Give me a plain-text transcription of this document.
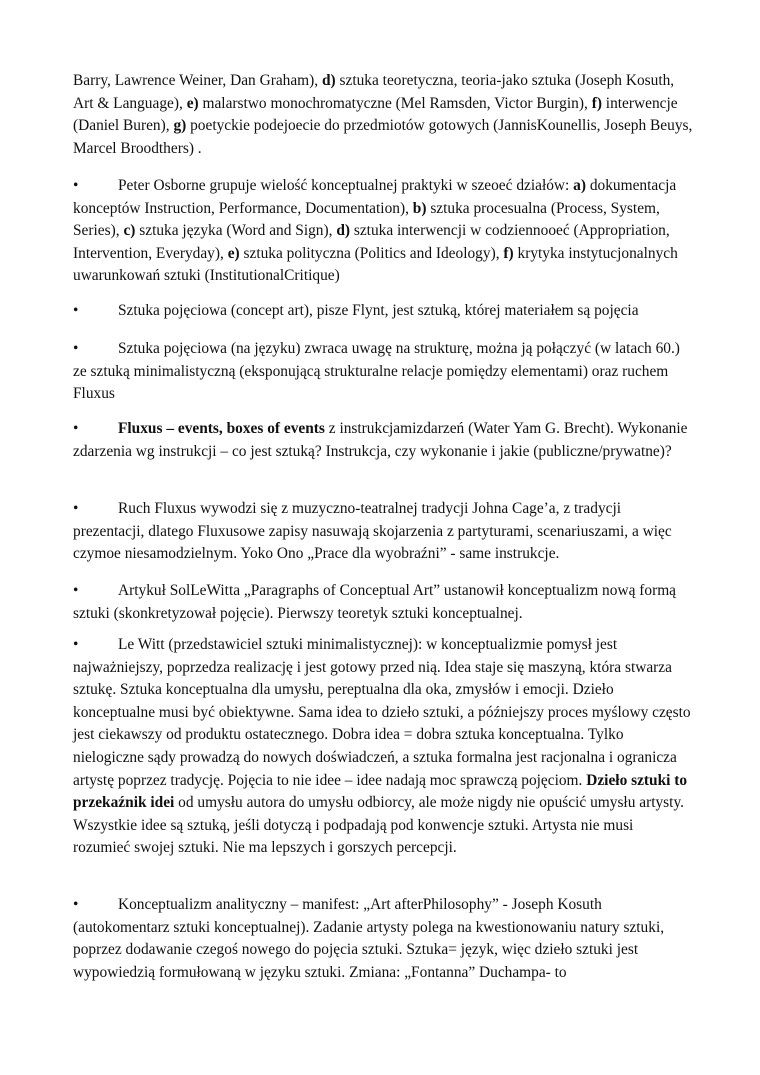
Barry, Lawrence Weiner, Dan Graham), d) sztuka teoretyczna, teoria-jako sztuka (Joseph Kosuth, Art & Language), e) malarstwo monochromatyczne (Mel Ramsden, Victor Burgin), f) interwencje (Daniel Buren), g) poetyckie podejoecie do przedmiotów gotowych (JannisKounellis, Joseph Beuys, Marcel Broodthers) .

•	Peter Osborne grupuje wielość konceptualnej praktyki w szeoeć działów: a) dokumentacja konceptów Instruction, Performance, Documentation), b) sztuka procesualna (Process, System, Series), c) sztuka języka (Word and Sign), d) sztuka interwencji w codziennooeć (Appropriation, Intervention, Everyday), e) sztuka polityczna (Politics and Ideology), f) krytyka instytucjonalnych uwarunkowań sztuki (InstitutionalCritique)

•	Sztuka pojęciowa (concept art), pisze Flynt, jest sztuką, której materiałem są pojęcia

•	Sztuka pojęciowa (na języku) zwraca uwagę na strukturę, można ją połączyć (w latach 60.) ze sztuką minimalistyczną (eksponującą strukturalne relacje pomiędzy elementami) oraz ruchem Fluxus

•	Fluxus – events, boxes of events z instrukcjamizdarzeń (Water Yam G. Brecht). Wykonanie zdarzenia wg instrukcji – co jest sztuką? Instrukcja, czy wykonanie i jakie (publiczne/prywatne)?

•	Ruch Fluxus wywodzi się z muzyczno-teatralnej tradycji Johna Cage’a, z tradycji prezentacji, dlatego Fluxusowe zapisy nasuwają skojarzenia z partyturami, scenariuszami, a więc czymoe niesamodzielnym. Yoko Ono „Prace dla wyobraźni” - same instrukcje.

•	Artykuł SolLeWitta „Paragraphs of Conceptual Art” ustanowił konceptualizm nową formą sztuki (skonkretyzował pojęcie). Pierwszy teoretyk sztuki konceptualnej.

•	Le Witt (przedstawiciel sztuki minimalistycznej): w konceptualizmie pomysł jest najważniejszy, poprzedza realizację i jest gotowy przed nią. Idea staje się maszyną, która stwarza sztukę. Sztuka konceptualna dla umysłu, pereptualna dla oka, zmysłów i emocji. Dzieło konceptualne musi być obiektywne. Sama idea to dzieło sztuki, a późniejszy proces myślowy często jest ciekawszy od produktu ostatecznego. Dobra idea = dobra sztuka konceptualna. Tylko nielogiczne sądy prowadzą do nowych doświadczeń, a sztuka formalna jest racjonalna i ogranicza artystę poprzez tradycję. Pojęcia to nie idee – idee nadają moc sprawczą pojęciom. Dzieło sztuki to przekaźnik idei od umysłu autora do umysłu odbiorcy, ale może nigdy nie opuścić umysłu artysty. Wszystkie idee są sztuką, jeśli dotyczą i podpadają pod konwencje sztuki. Artysta nie musi rozumieć swojej sztuki. Nie ma lepszych i gorszych percepcji.

•	Konceptualizm analityczny – manifest: „Art afterPhilosophy” - Joseph Kosuth (autokomentarz sztuki konceptualnej). Zadanie artysty polega na kwestionowaniu natury sztuki, poprzez dodawanie czegoś nowego do pojęcia sztuki. Sztuka= język, więc dzieło sztuki jest wypowiedzią formułowaną w języku sztuki. Zmiana: „Fontanna” Duchampa- to
